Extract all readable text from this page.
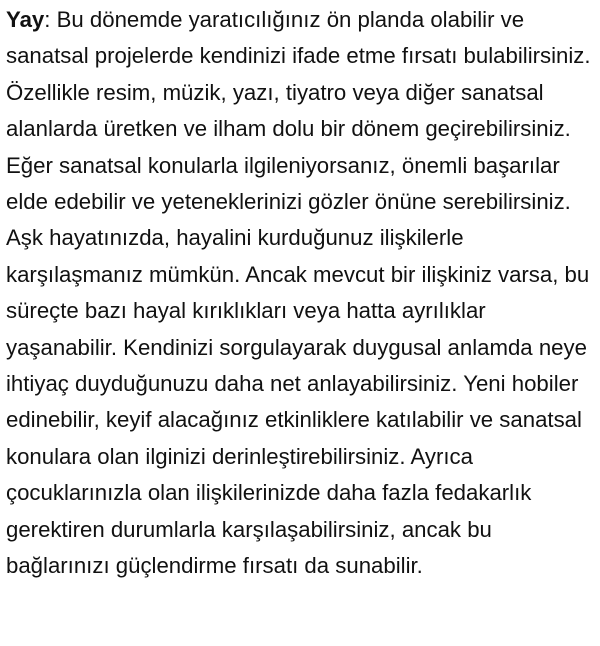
Yay: Bu dönemde yaratıcılığınız ön planda olabilir ve sanatsal projelerde kendinizi ifade etme fırsatı bulabilirsiniz. Özellikle resim, müzik, yazı, tiyatro veya diğer sanatsal alanlarda üretken ve ilham dolu bir dönem geçirebilirsiniz. Eğer sanatsal konularla ilgileniyorsanız, önemli başarılar elde edebilir ve yeteneklerinizi gözler önüne serebilirsiniz.

Aşk hayatınızda, hayalini kurduğunuz ilişkilerle karşılaşmanız mümkün. Ancak mevcut bir ilişkiniz varsa, bu süreçte bazı hayal kırıklıkları veya hatta ayrılıklar yaşanabilir. Kendinizi sorgulayarak duygusal anlamda neye ihtiyaç duyduğunuzu daha net anlayabilirsiniz. Yeni hobiler edinebilir, keyif alacağınız etkinliklere katılabilir ve sanatsal konulara olan ilginizi derinleştirebilirsiniz. Ayrıca çocuklarınızla olan ilişkilerinizde daha fazla fedakarlık gerektiren durumlarla karşılaşabilirsiniz, ancak bu bağlarınızı güçlendirme fırsatı da sunabilir.
